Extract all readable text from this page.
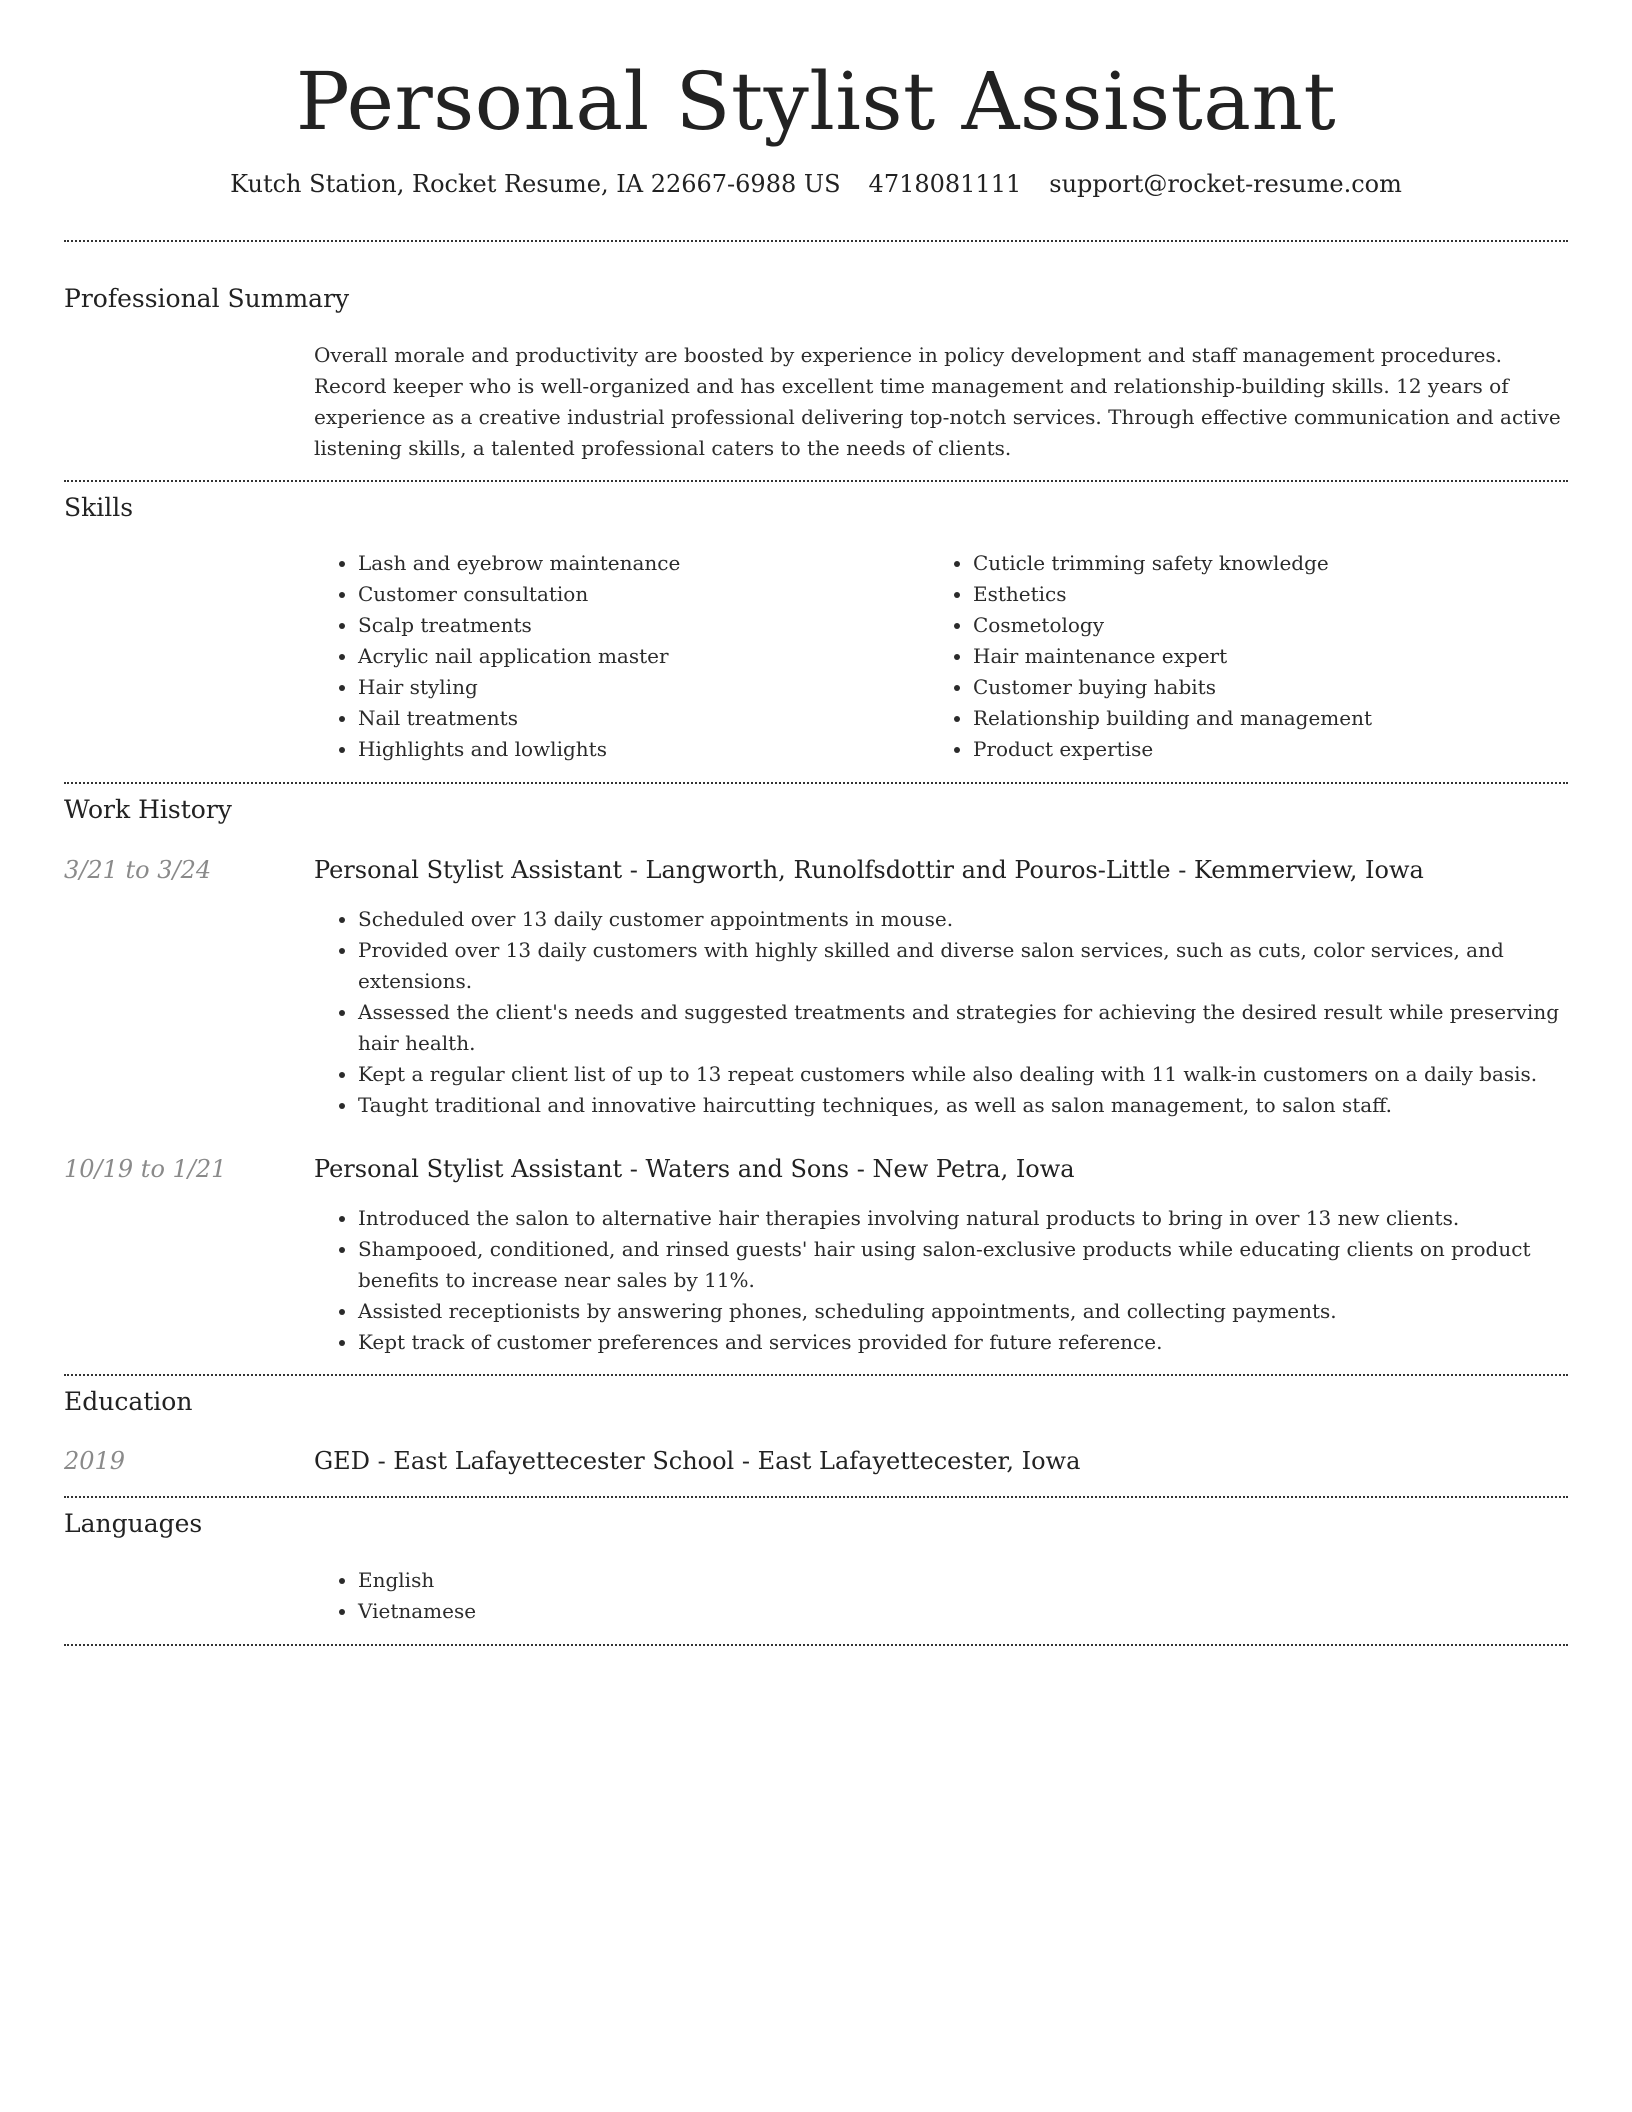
Personal Stylist Assistant
Kutch Station, Rocket Resume, IA 22667-6988 US 4718081111 support@rocket-resume.com
Professional Summary
Overall morale and productivity are boosted by experience in policy development and staff management procedures. Record keeper who is well-organized and has excellent time management and relationship-building skills. 12 years of experience as a creative industrial professional delivering top-notch services. Through effective communication and active listening skills, a talented professional caters to the needs of clients.
Skills
• Lash and eyebrow maintenance
• Customer consultation
• Scalp treatments
• Acrylic nail application master
• Hair styling
• Nail treatments
• Highlights and lowlights
• Cuticle trimming safety knowledge
• Esthetics
• Cosmetology
• Hair maintenance expert
• Customer buying habits
• Relationship building and management
• Product expertise
Work History
3/21 to 3/24	Personal Stylist Assistant - Langworth, Runolfsdottir and Pouros-Little - Kemmerview, Iowa
• Scheduled over 13 daily customer appointments in mouse.
• Provided over 13 daily customers with highly skilled and diverse salon services, such as cuts, color services, and extensions.
• Assessed the client's needs and suggested treatments and strategies for achieving the desired result while preserving hair health.
• Kept a regular client list of up to 13 repeat customers while also dealing with 11 walk-in customers on a daily basis.
• Taught traditional and innovative haircutting techniques, as well as salon management, to salon staff.
10/19 to 1/21	Personal Stylist Assistant - Waters and Sons - New Petra, Iowa
• Introduced the salon to alternative hair therapies involving natural products to bring in over 13 new clients.
• Shampooed, conditioned, and rinsed guests' hair using salon-exclusive products while educating clients on product benefits to increase near sales by 11%.
• Assisted receptionists by answering phones, scheduling appointments, and collecting payments.
• Kept track of customer preferences and services provided for future reference.
Education
2019	GED - East Lafayettecester School - East Lafayettecester, Iowa
Languages
• English
• Vietnamese
